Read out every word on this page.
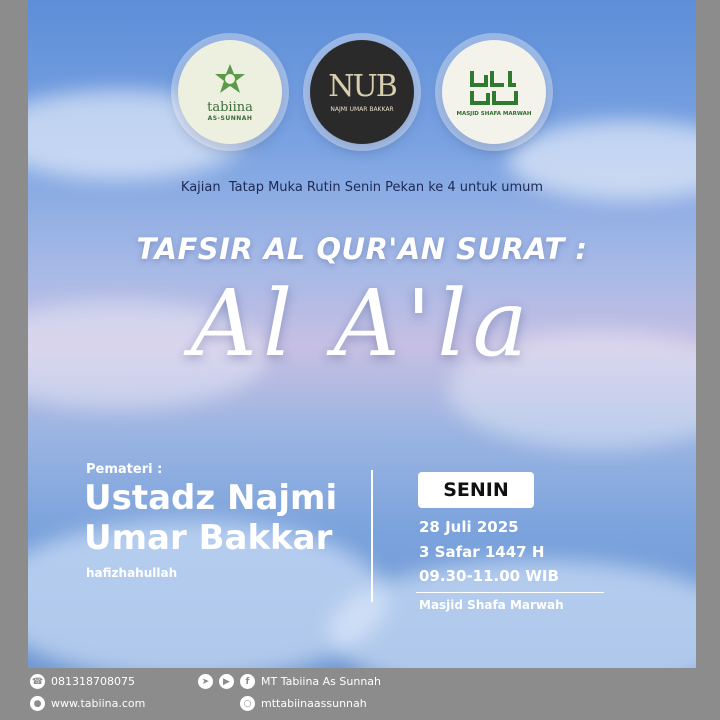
tabiina
AS-SUNNAH
NUB
NAJMI UMAR BAKKAR
MASJID SHAFA MARWAH
Kajian  Tatap Muka Rutin Senin Pekan ke 4 untuk umum
TAFSIR AL QUR'AN SURAT :
Al A'la
Pemateri :
Ustadz Najmi
Umar Bakkar
hafizhahullah
SENIN
28 Juli 2025
3 Safar 1447 H
09.30-11.00 WIB
Masjid Shafa Marwah
☎ 081318708075
● www.tabiina.com
➤	▶	f	MT Tabiina As Sunnah
○ mttabiinaassunnah
